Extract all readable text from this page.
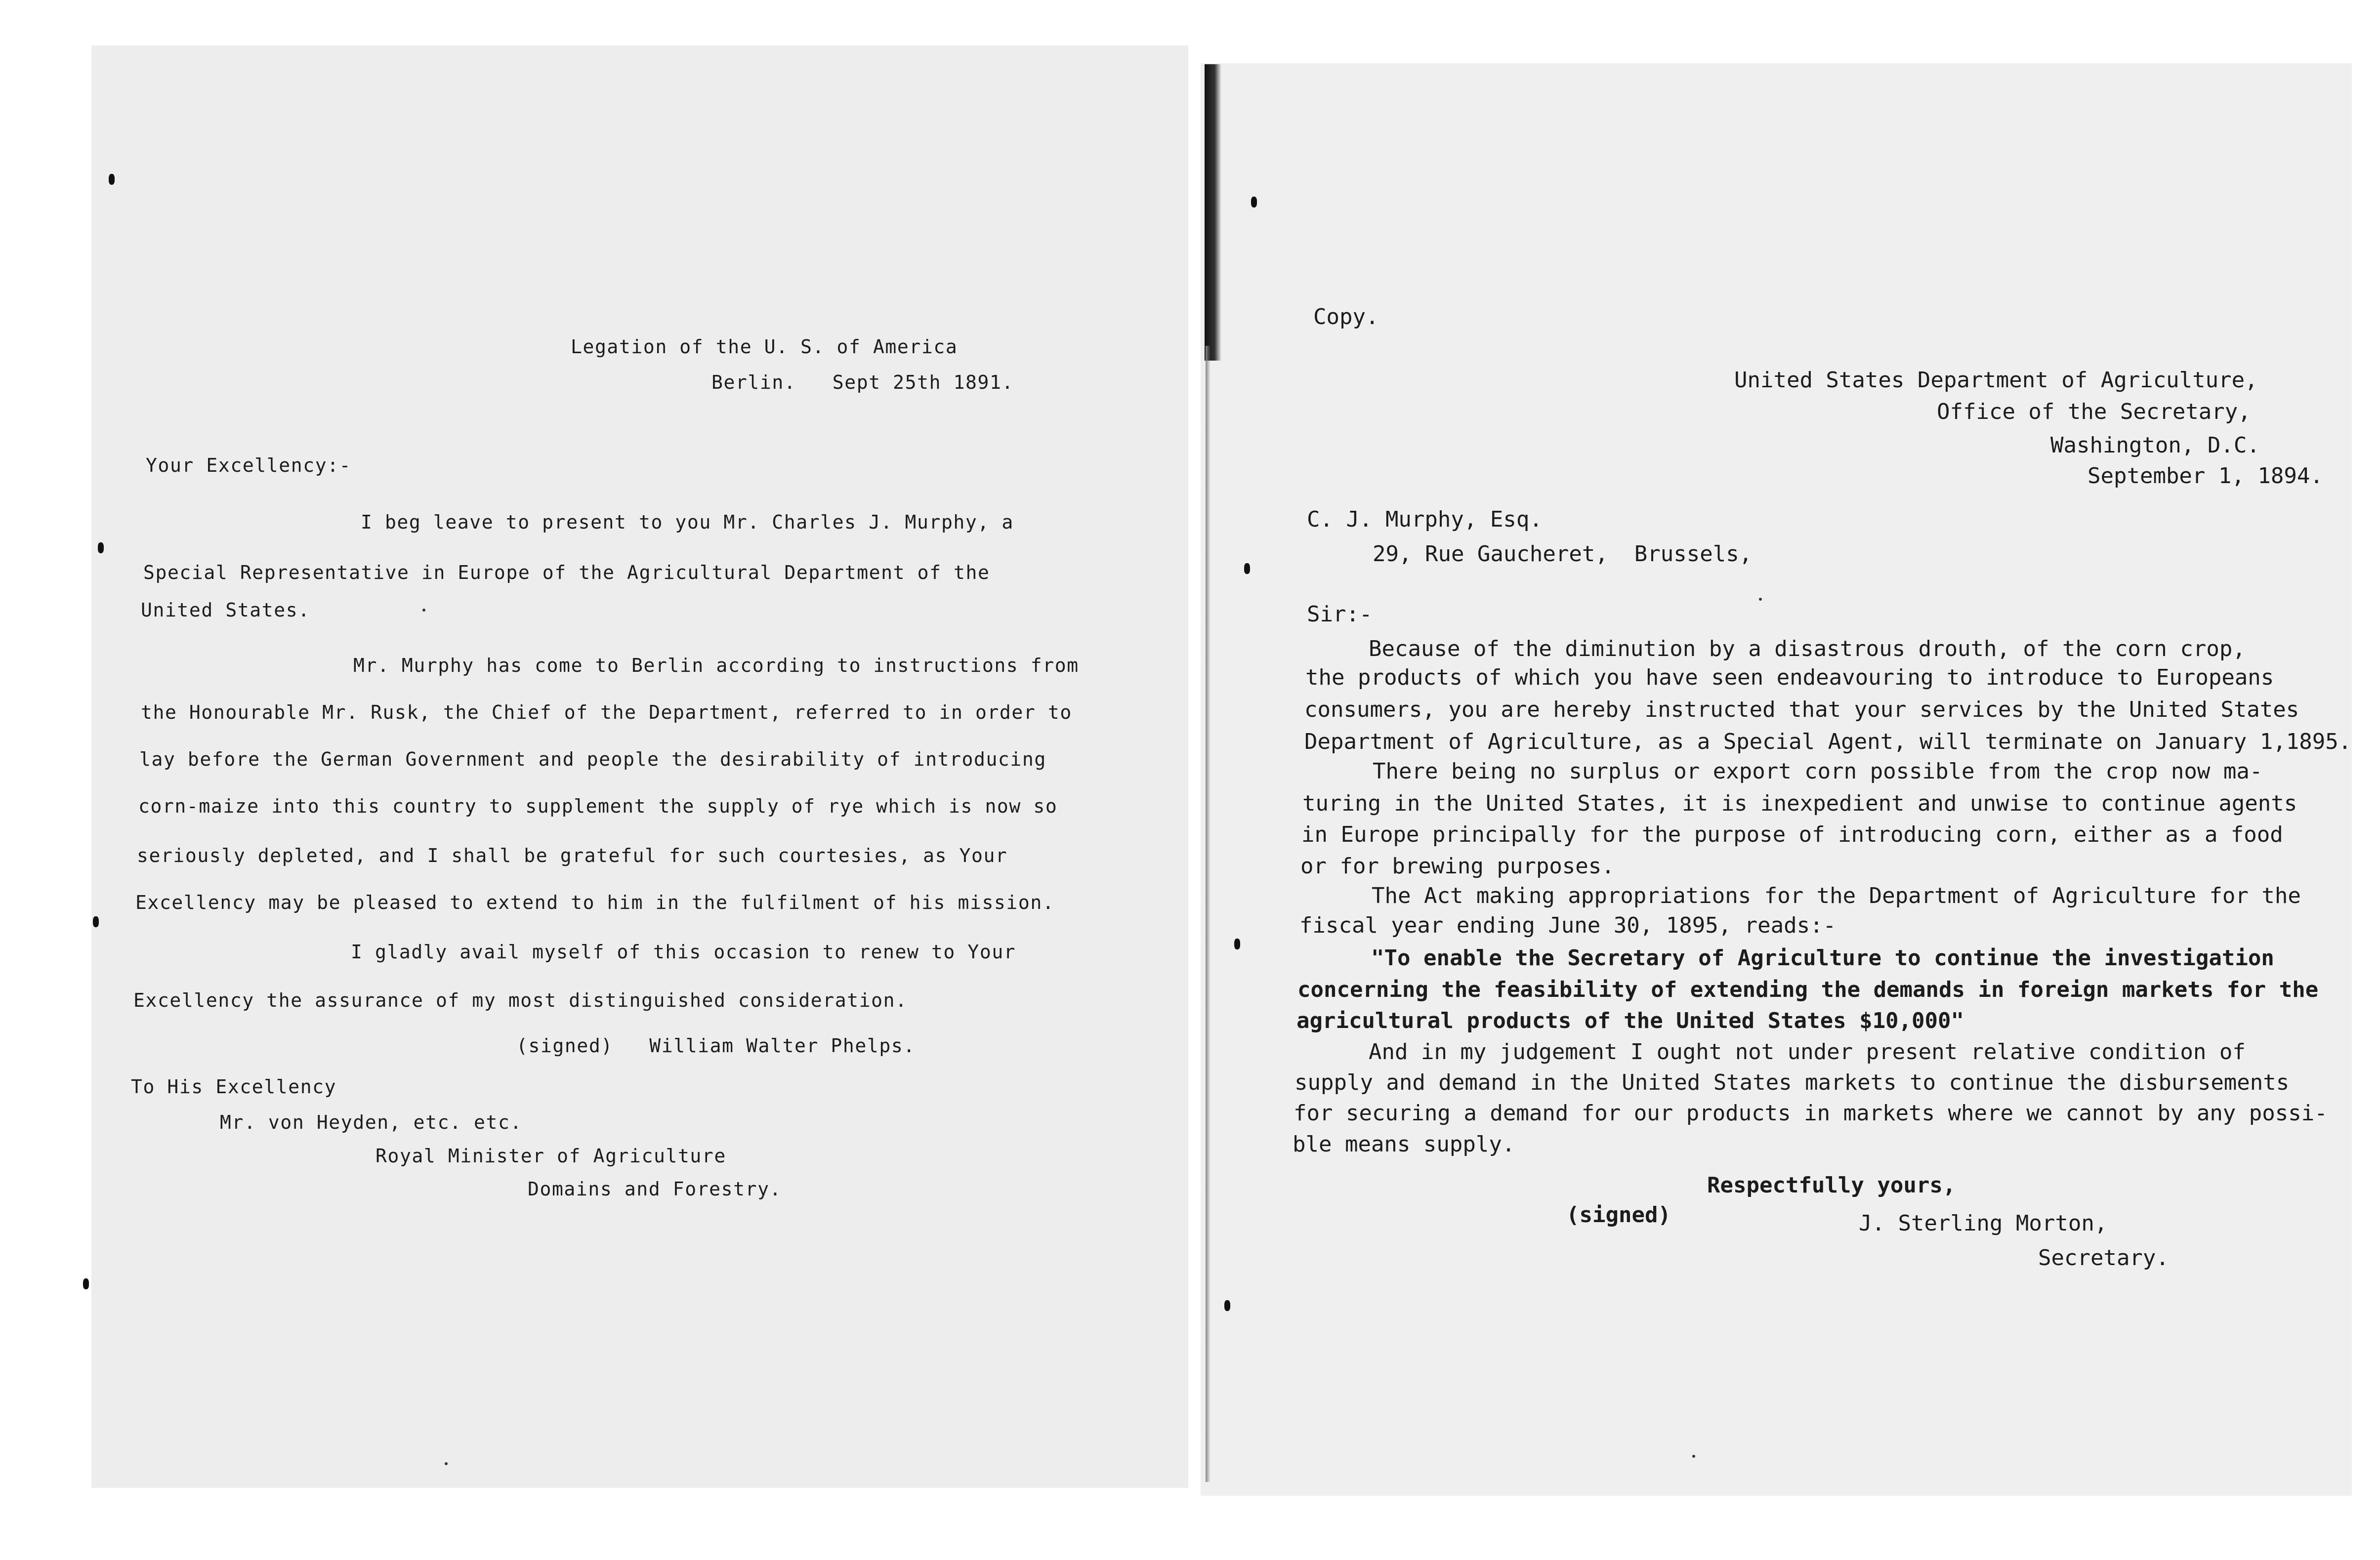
Legation of the U. S. of America
Berlin.   Sept 25th 1891.
Your Excellency:-
I beg leave to present to you Mr. Charles J. Murphy, a
Special Representative in Europe of the Agricultural Department of the
United States.
Mr. Murphy has come to Berlin according to instructions from
the Honourable Mr. Rusk, the Chief of the Department, referred to in order to
lay before the German Government and people the desirability of introducing
corn-maize into this country to supplement the supply of rye which is now so
seriously depleted, and I shall be grateful for such courtesies, as Your
Excellency may be pleased to extend to him in the fulfilment of his mission.
I gladly avail myself of this occasion to renew to Your
Excellency the assurance of my most distinguished consideration.
(signed)   William Walter Phelps.
To His Excellency
Mr. von Heyden, etc. etc.
Royal Minister of Agriculture
Domains and Forestry.
Copy.
United States Department of Agriculture,
Office of the Secretary,
Washington, D.C.
September 1, 1894.
C. J. Murphy, Esq.
29, Rue Gaucheret,  Brussels,
Sir:-
Because of the diminution by a disastrous drouth, of the corn crop,
the products of which you have seen endeavouring to introduce to Europeans
consumers, you are hereby instructed that your services by the United States
Department of Agriculture, as a Special Agent, will terminate on January 1,1895.
There being no surplus or export corn possible from the crop now ma-
turing in the United States, it is inexpedient and unwise to continue agents
in Europe principally for the purpose of introducing corn, either as a food
or for brewing purposes.
The Act making appropriations for the Department of Agriculture for the
fiscal year ending June 30, 1895, reads:-
"To enable the Secretary of Agriculture to continue the investigation
concerning the feasibility of extending the demands in foreign markets for the
agricultural products of the United States $10,000"
And in my judgement I ought not under present relative condition of
supply and demand in the United States markets to continue the disbursements
for securing a demand for our products in markets where we cannot by any possi-
ble means supply.
Respectfully yours,
(signed)	J. Sterling Morton,
Secretary.
